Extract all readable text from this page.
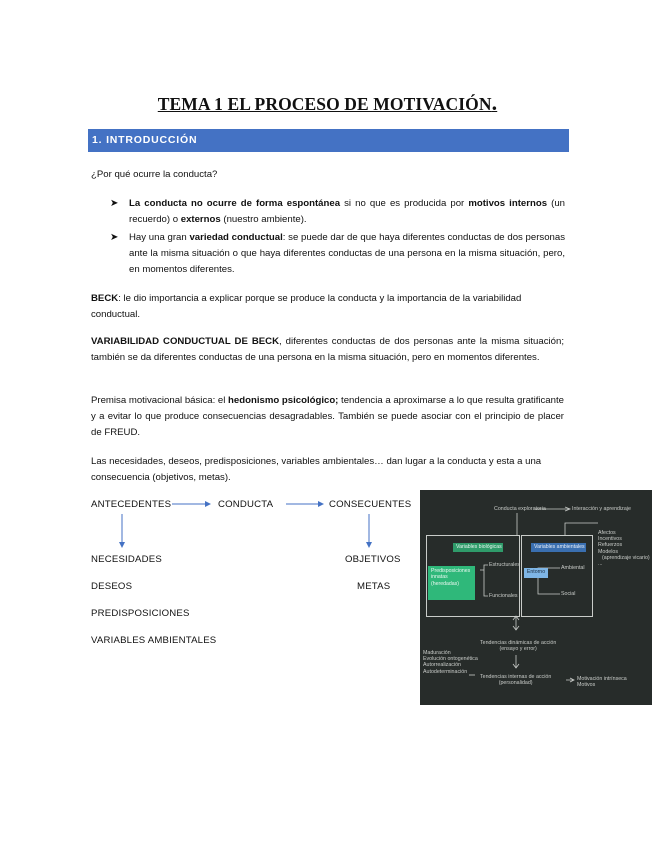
TEMA 1 EL PROCESO DE MOTIVACIÓN.
1. INTRODUCCIÓN
¿Por qué ocurre la conducta?
➤ La conducta no ocurre de forma espontánea si no que es producida por motivos internos (un recuerdo) o externos (nuestro ambiente).
➤ Hay una gran variedad conductual: se puede dar de que haya diferentes conductas de dos personas ante la misma situación o que haya diferentes conductas de una persona en la misma situación, pero, en momentos diferentes.
BECK: le dio importancia a explicar porque se produce la conducta y la importancia de la variabilidad conductual.
VARIABILIDAD CONDUCTUAL DE BECK, diferentes conductas de dos personas ante la misma situación; también se da diferentes conductas de una persona en la misma situación, pero en momentos diferentes.
Premisa motivacional básica: el hedonismo psicológico; tendencia a aproximarse a lo que resulta gratificante y a evitar lo que produce consecuencias desagradables. También se puede asociar con el principio de placer de FREUD.
Las necesidades, deseos, predisposiciones, variables ambientales… dan lugar a la conducta y esta a una consecuencia (objetivos, metas).
ANTECEDENTES	CONDUCTA	CONSECUENTES
NECESIDADES
DESEOS
PREDISPOSICIONES
VARIABLES AMBIENTALES
OBJETIVOS
METAS
Conducta exploratoria	Interacción y aprendizaje
Variables biológicas	Variables ambientales
Predisposiciones
innatas
(heredadas)
Estructurales
Funcionales
Entorno
Ambiental
Social
Afectos
Incentivos
Refuerzos
Modelos
(aprendizaje vicario)
...
Tendencias dinámicas de acción
(ensayo y error)
Maduración
Evolución ontogenética
Autorrealización
Autodeterminación
Tendencias internas de acción
(personalidad)
Motivación intrínseca
Motivos
